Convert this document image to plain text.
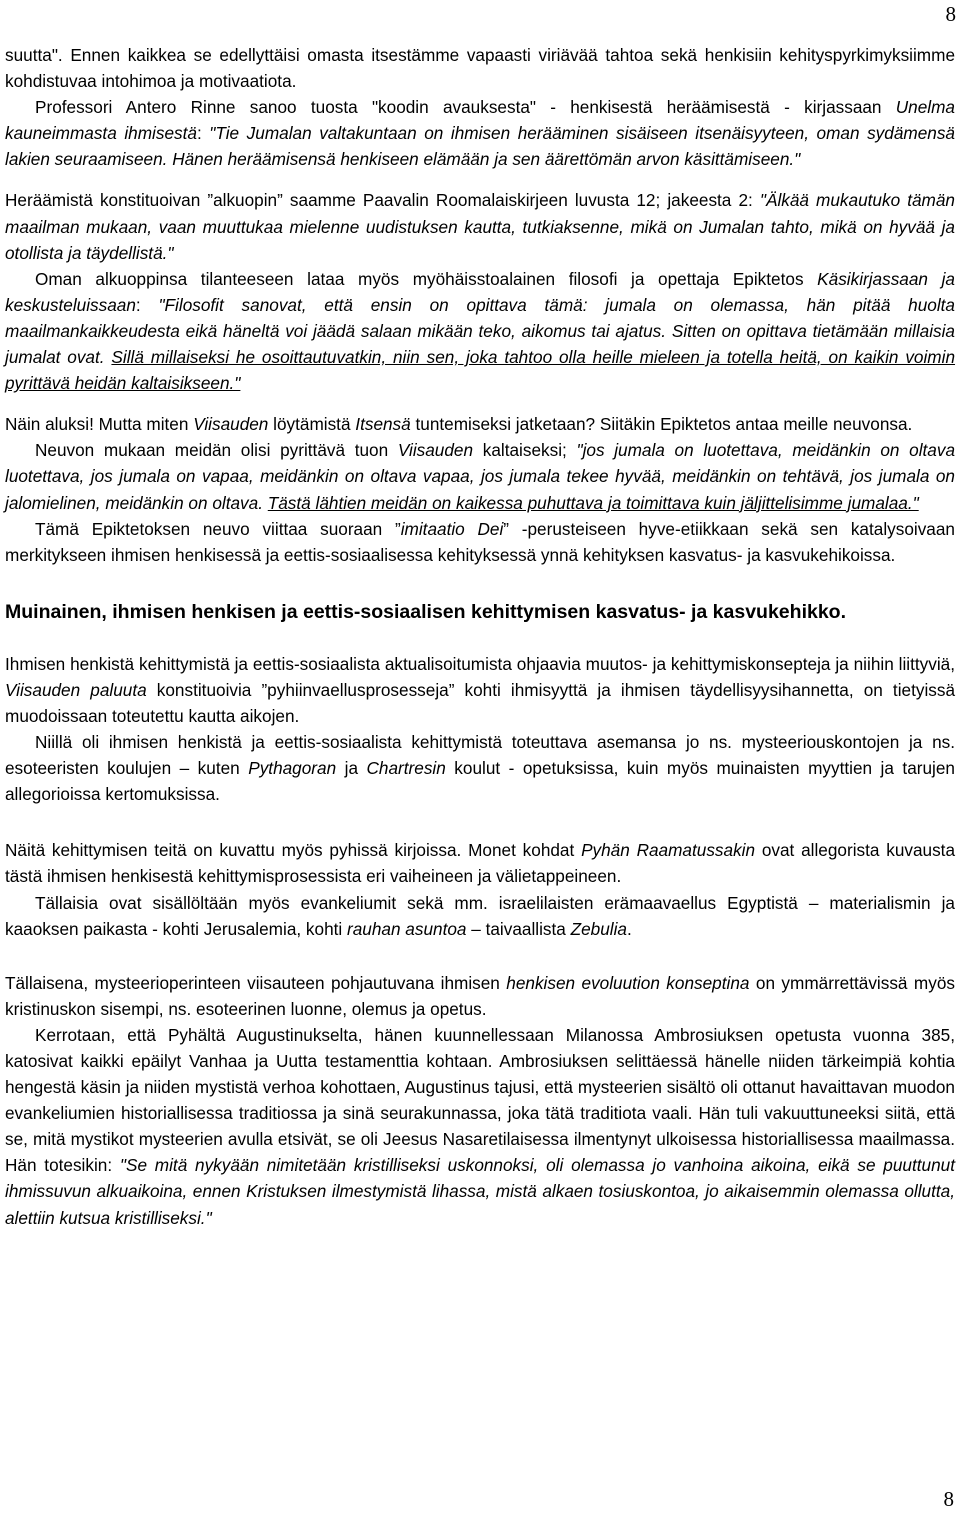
8

suutta". Ennen kaikkea se edellyttäisi omasta itsestämme vapaasti viriävää tahtoa sekä henkisiin kehityspyrkimyksiimme kohdistuvaa intohimoa ja motivaatiota.

Professori Antero Rinne sanoo tuosta "koodin avauksesta" - henkisestä heräämisestä - kirjassaan Unelma kauneimmasta ihmisestä: "Tie Jumalan valtakuntaan on ihmisen herääminen sisäiseen itsenäisyyteen, oman sydämensä lakien seuraamiseen. Hänen heräämisensä henkiseen elämään ja sen äärettömän arvon käsittämiseen."

Heräämistä konstituoivan ”alkuopin” saamme Paavalin Roomalaiskirjeen luvusta 12; jakeesta 2: "Älkää mukautuko tämän maailman mukaan, vaan muuttukaa mielenne uudistuksen kautta, tutkiaksenne, mikä on Jumalan tahto, mikä on hyvää ja otollista ja täydellistä."

Oman alkuoppinsa tilanteeseen lataa myös myöhäisstoalainen filosofi ja opettaja Epiktetos Käsikirjassaan ja keskusteluissaan: "Filosofit sanovat, että ensin on opittava tämä: jumala on olemassa, hän pitää huolta maailmankaikkeudesta eikä häneltä voi jäädä salaan mikään teko, aikomus tai ajatus. Sitten on opittava tietämään millaisia jumalat ovat. Sillä millaiseksi he osoittautuvatkin, niin sen, joka tahtoo olla heille mieleen ja totella heitä, on kaikin voimin pyrittävä heidän kaltaisikseen."

Näin aluksi! Mutta miten Viisauden löytämistä Itsensä tuntemiseksi jatketaan? Siitäkin Epiktetos antaa meille neuvonsa.

Neuvon mukaan meidän olisi pyrittävä tuon Viisauden kaltaiseksi; "jos jumala on luotettava, meidänkin on oltava luotettava, jos jumala on vapaa, meidänkin on oltava vapaa, jos jumala tekee hyvää, meidänkin on tehtävä, jos jumala on jalomielinen, meidänkin on oltava. Tästä lähtien meidän on kaikessa puhuttava ja toimittava kuin jäljittelisimme jumalaa."

Tämä Epiktetoksen neuvo viittaa suoraan ”imitaatio Dei” -perusteiseen hyve-etiikkaan sekä sen katalysoivaan merkitykseen ihmisen henkisessä ja eettis-sosiaalisessa kehityksessä ynnä kehityksen kasvatus- ja kasvukehikoissa.

Muinainen, ihmisen henkisen ja eettis-sosiaalisen kehittymisen kasvatus- ja kasvukehikko.

Ihmisen henkistä kehittymistä ja eettis-sosiaalista aktualisoitumista ohjaavia muutos- ja kehittymiskonsepteja ja niihin liittyviä, Viisauden paluuta konstituoivia ”pyhiinvaellusprosesseja” kohti ihmisyyttä ja ihmisen täydellisyysihannetta, on tietyissä muodoissaan toteutettu kautta aikojen.

Niillä oli ihmisen henkistä ja eettis-sosiaalista kehittymistä toteuttava asemansa jo ns. mysteeriouskontojen ja ns. esoteeristen koulujen – kuten Pythagoran ja Chartresin koulut - opetuksissa, kuin myös muinaisten myyttien ja tarujen allegorioissa kertomuksissa.

Näitä kehittymisen teitä on kuvattu myös pyhissä kirjoissa. Monet kohdat Pyhän Raamatussakin ovat allegorista kuvausta tästä ihmisen henkisestä kehittymisprosessista eri vaiheineen ja välietappeineen.

Tällaisia ovat sisällöltään myös evankeliumit sekä mm. israelilaisten erämaavaellus Egyptistä – materialismin ja kaaoksen paikasta - kohti Jerusalemia, kohti rauhan asuntoa – taivaallista Zebulia.

Tällaisena, mysteerioperinteen viisauteen pohjautuvana ihmisen henkisen evoluution konseptina on ymmärrettävissä myös kristinuskon sisempi, ns. esoteerinen luonne, olemus ja opetus.

Kerrotaan, että Pyhältä Augustinukselta, hänen kuunnellessaan Milanossa Ambrosiuksen opetusta vuonna 385, katosivat kaikki epäilyt Vanhaa ja Uutta testamenttia kohtaan. Ambrosiuksen selittäessä hänelle niiden tärkeimpiä kohtia hengestä käsin ja niiden mystistä verhoa kohottaen, Augustinus tajusi, että mysteerien sisältö oli ottanut havaittavan muodon evankeliumien historiallisessa traditiossa ja sinä seurakunnassa, joka tätä traditiota vaali. Hän tuli vakuuttuneeksi siitä, että se, mitä mystikot mysteerien avulla etsivät, se oli Jeesus Nasaretilaisessa ilmentynyt ulkoisessa historiallisessa maailmassa. Hän totesikin: "Se mitä nykyään nimitetään kristilliseksi uskonnoksi, oli olemassa jo vanhoina aikoina, eikä se puuttunut ihmissuvun alkuaikoina, ennen Kristuksen ilmestymistä lihassa, mistä alkaen tosiuskontoa, jo aikaisemmin olemassa ollutta, alettiin kutsua kristilliseksi."

8
